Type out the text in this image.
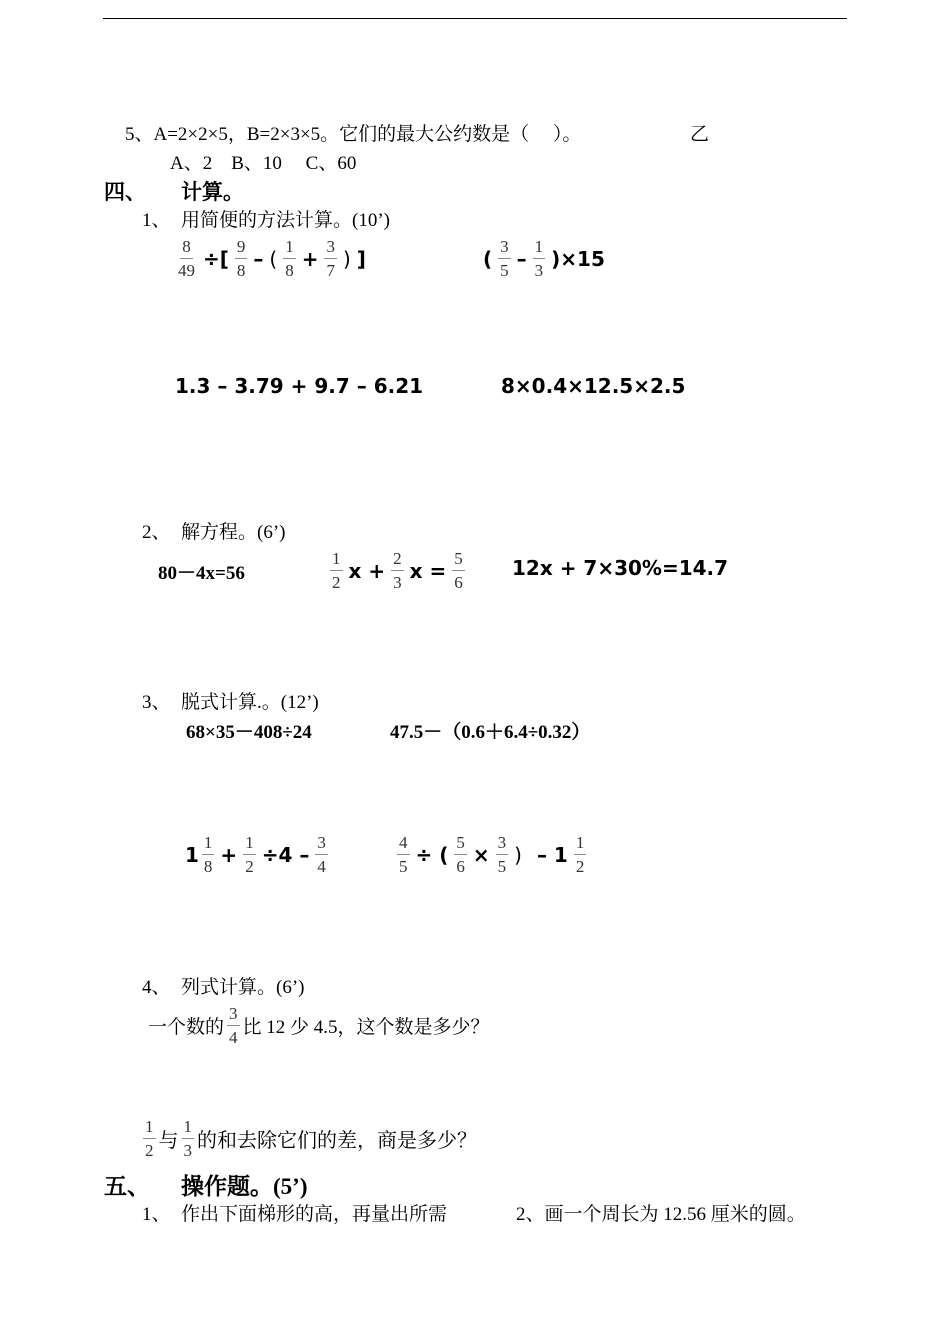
5、A=2×2×5，B=2×3×5。它们的最大公约数是（　 ）。	乙
A、2　B、10　 C、60
四、 计算。
1、 用简便的方法计算。(10’)
$\frac{8}{49}$ ÷[ $\frac{9}{8}$ – ( $\frac{1}{8} + \frac{3}{7}$ ) ]	( $\frac{3}{5} - \frac{1}{3} )\times 15$
1.3 – 3.79 + 9.7 – 6.21	8×0.4×12.5×2.5
2、 解方程。(6’)
80－4x=56	$\frac{1}{2}$ $x + \frac{2}{3}$ $x = \frac{5}{6} 12x + 7\times 30\%=14.7$
3、 脱式计算.。(12’)
68×35－408÷24	47.5－（0.6＋6.4÷0.32）
$1 \frac{1}{8} + \frac{1}{2} \div 4 - \frac{3}{4}$	$\frac{4}{5}$ ÷ ( $\frac{5}{6} \times \frac{3}{5}$ ) – $1 \frac{1}{2}$
4、 列式计算。(6’)
一个数的 $\frac{3}{4}$ 比 12 少 4.5，这个数是多少？
$\frac{1}{2}$ 与 $\frac{1}{3}$ 的和去除它们的差，商是多少？
五、 操作题。(5’)
1、 作出下面梯形的高，再量出所需	2、画一个周长为 12.56 厘米的圆。
